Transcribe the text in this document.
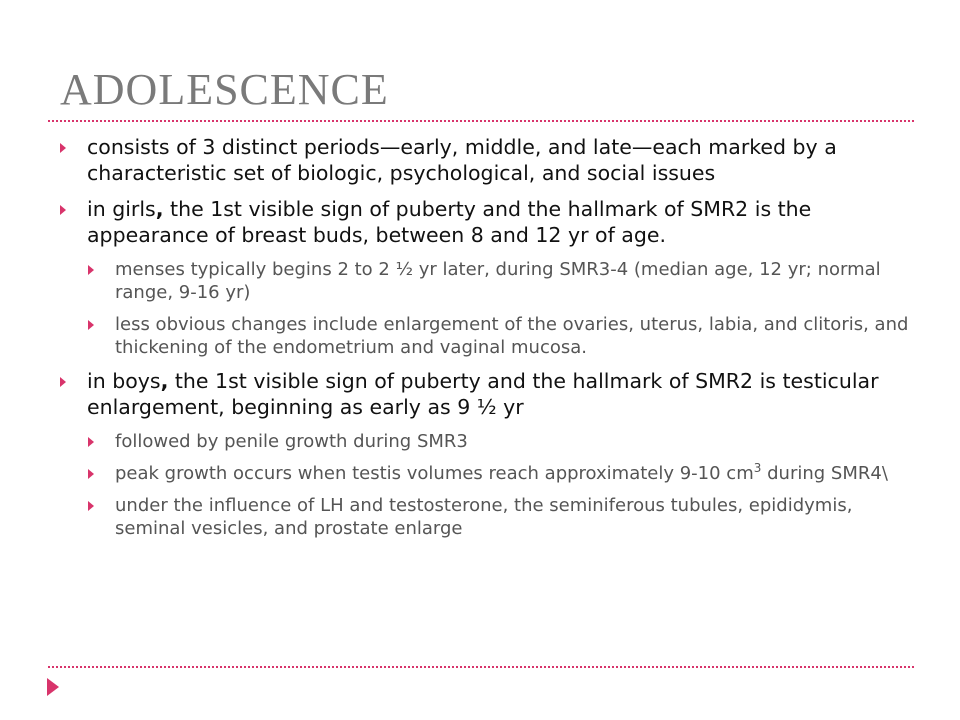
ADOLESCENCE
consists of 3 distinct periods—early, middle, and late—each marked by a characteristic set of biologic, psychological, and social issues
in girls, the 1st visible sign of puberty and the hallmark of SMR2 is the appearance of breast buds, between 8 and 12 yr of age.
menses typically begins 2 to 2 ½ yr later, during SMR3-4 (median age, 12 yr; normal range, 9-16 yr)
less obvious changes include enlargement of the ovaries, uterus, labia, and clitoris, and thickening of the endometrium and vaginal mucosa.
in boys, the 1st visible sign of puberty and the hallmark of SMR2 is testicular enlargement, beginning as early as 9 ½ yr
followed by penile growth during SMR3
peak growth occurs when testis volumes reach approximately 9-10 $cm^3$ during SMR4\
under the influence of LH and testosterone, the seminiferous tubules, epididymis, seminal vesicles, and prostate enlarge
